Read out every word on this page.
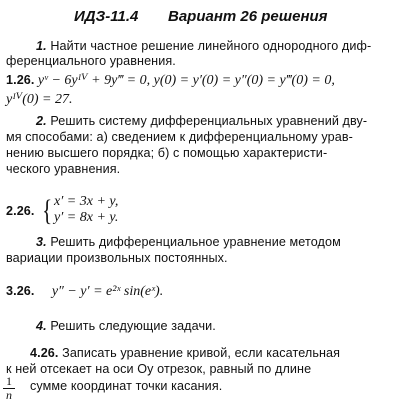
ИДЗ-11.4 Вариант 26 решения
1. Найти частное решение линейного однородного диф-
ференциального уравнения.
1.26. yᵛ − 6yᴵⱽ + 9y‴ = 0, y(0) = y′(0) = y″(0) = y‴(0) = 0,
yᴵⱽ(0) = 27.
2. Решить систему дифференциальных уравнений дву-
мя способами: а) сведением к дифференциальному урав-
нению высшего порядка; б) с помощью характеристи-
ческого уравнения.
2.26. { x′ = 3x + y,
y′ = 8x + y.
3. Решить дифференциальное уравнение методом
вариации произвольных постоянных.
3.26. y″ − y′ = e²ˣ sin(eˣ).
4. Решить следующие задачи.
4.26. Записать уравнение кривой, если касательная
к ней отсекает на оси Oy отрезок, равный по длине
1
n
сумме координат точки касания.
